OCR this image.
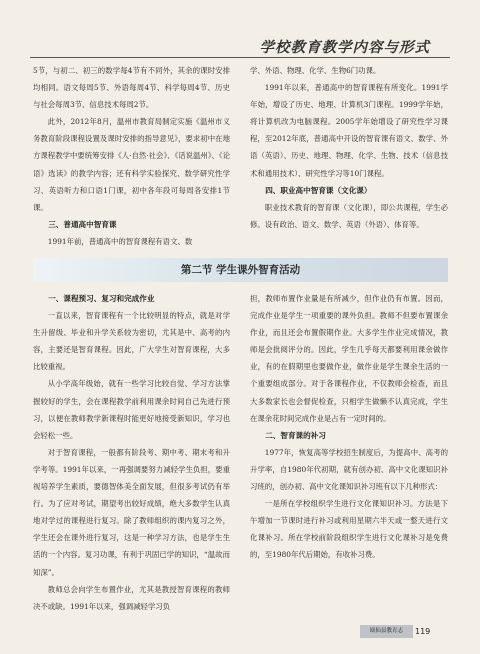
学校教育教学内容与形式

5节，与初二、初三的数学每4节有不同外，其余的课时安排均相同。语文每周5节、外语每周4节、科学每周4节、历史与社会每周3节、信息技术每周2节。

此外，2012年8月，温州市教育局制定实施《温州市义务教育阶段课程设置及课时安排的指导意见》，要求初中在地方课程教学中要统筹安排《人·自然·社会》、《话说温州》、《论语》选读》的教学内容；还有科学实验探究、数学研究性学习、英语听力和口语1门课，初中各年段可每周各安排1节课。

三、普通高中智育课

1991年前，普通高中的智育课程有语文、数

学、外语、物理、化学、生物6门功课。

1991年以来，普通高中的智育课程有所变化。1991学年始，增设了历史、地理、计算机3门课程。1999学年始，将计算机改为电脑课程。2005学年始增设了研究性学习课程，至2012年底，普通高中开设的智育课有语文、数学、外语（英语）、历史、地理、物理、化学、生物、技术（信息技术和通用技术）、研究性学习等10门课程。

四、职业高中智育课（文化课）

职业技术教育的智育课（文化课），即公共课程，学生必修。设有政治、语文、数学、英语（外语）、体育等。

第二节 学生课外智育活动
一、课程预习、复习和完成作业

一直以来，智育课程有一个比较明显的特点，就是对学生升留级、毕业和升学关系较为密切，尤其是中、高考的内容，主要还是智育课程。因此，广大学生对智育课程，大多比较重视。

从小学高年级始，就有一些学习比较自觉、学习方法掌握较好的学生，会在课程教学前利用课余时间自己先进行预习，以便在教师教学新课程时能更好地接受新知识，学习也会轻松一些。

对于智育课程，一般都有阶段考、期中考、期末考和升学考等。1991年以来，一再强调要努力减轻学生负担，要重视培养学生素质，要德智体美全面发展，但很多考试仍有举行。为了应对考试，期望考出较好成绩，绝大多数学生认真地对学过的课程进行复习。除了教师组织的课内复习之外，学生还会在课外进行复习，这是一种学习方法，也是学生生活的一个内容。复习功课，有利于巩固已学的知识，“温故而知深”。

教师总会向学生布置作业，尤其是教授智育课程的教师决不或缺。1991年以来，强调减轻学习负

担，教师布置作业量是有所减少，但作业仍有布置。因而，完成作业是学生一项重要的课外负担。教师不但要布置课余作业，而且还会布置假期作业。大多学生作业完成情况，教师是会批阅评分的。因此，学生几乎每天都要利用课余做作业，有的在假期里也要做作业，做作业是学生课余生活的一个重要组成部分。对于各课程作业，不仅教师会检查，而且大多数家长也会督促检查，只相学生做懒不认真完成，学生在课余花时间完成作业是占有一定时间的。

二、智育课的补习

1977年，恢复高等学校招生制度后，为提高中、高考的升学率，自1980年代初期，就有创办初、高中文化课知识补习班的，创办初、高中文化课知识补习班有以下几种形式：

一是所在学校组织学生进行文化课知识补习。方法是下午增加一节课时进行补习或利用星期六半天或一整天进行文化课补习。所在学校前阶段组织学生进行文化课补习是免费的，至1980年代后期始，有收补习费。

瓯仙县教育志	119
